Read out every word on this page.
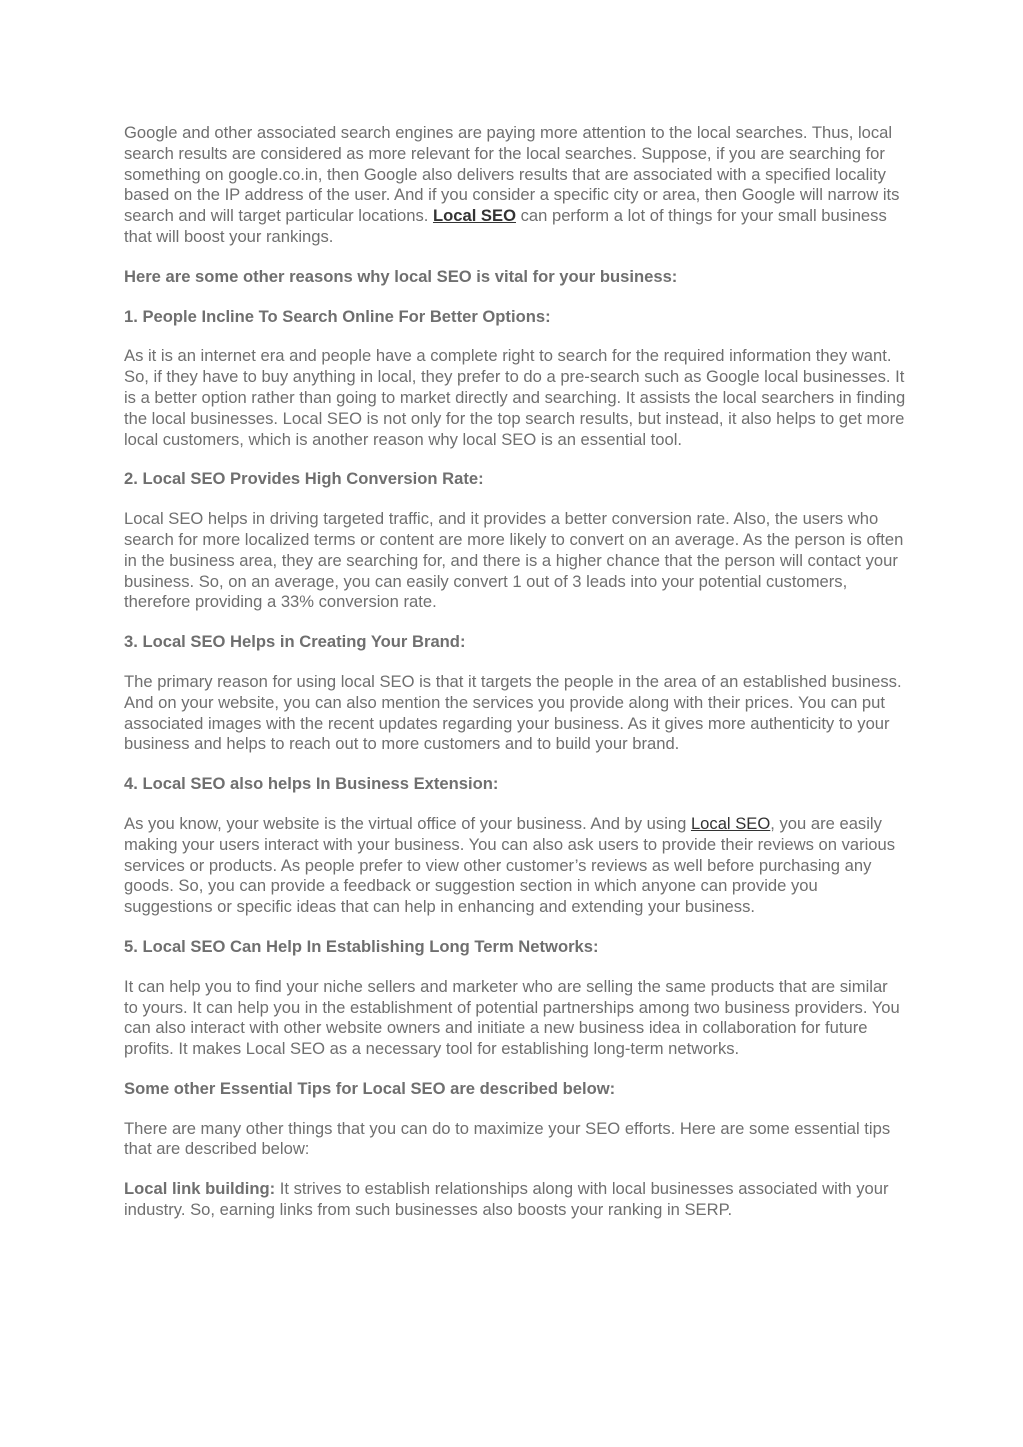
Google and other associated search engines are paying more attention to the local searches. Thus, local search results are considered as more relevant for the local searches. Suppose, if you are searching for something on google.co.in, then Google also delivers results that are associated with a specified locality based on the IP address of the user. And if you consider a specific city or area, then Google will narrow its search and will target particular locations. Local SEO can perform a lot of things for your small business that will boost your rankings.

Here are some other reasons why local SEO is vital for your business:

1. People Incline To Search Online For Better Options:

As it is an internet era and people have a complete right to search for the required information they want. So, if they have to buy anything in local, they prefer to do a pre-search such as Google local businesses. It is a better option rather than going to market directly and searching. It assists the local searchers in finding the local businesses. Local SEO is not only for the top search results, but instead, it also helps to get more local customers, which is another reason why local SEO is an essential tool.

2. Local SEO Provides High Conversion Rate:

Local SEO helps in driving targeted traffic, and it provides a better conversion rate. Also, the users who search for more localized terms or content are more likely to convert on an average. As the person is often in the business area, they are searching for, and there is a higher chance that the person will contact your business. So, on an average, you can easily convert 1 out of 3 leads into your potential customers, therefore providing a 33% conversion rate.

3. Local SEO Helps in Creating Your Brand:

The primary reason for using local SEO is that it targets the people in the area of an established business. And on your website, you can also mention the services you provide along with their prices. You can put associated images with the recent updates regarding your business. As it gives more authenticity to your business and helps to reach out to more customers and to build your brand.

4. Local SEO also helps In Business Extension:

As you know, your website is the virtual office of your business. And by using Local SEO, you are easily making your users interact with your business. You can also ask users to provide their reviews on various services or products. As people prefer to view other customer’s reviews as well before purchasing any goods. So, you can provide a feedback or suggestion section in which anyone can provide you suggestions or specific ideas that can help in enhancing and extending your business.

5. Local SEO Can Help In Establishing Long Term Networks:

It can help you to find your niche sellers and marketer who are selling the same products that are similar to yours. It can help you in the establishment of potential partnerships among two business providers. You can also interact with other website owners and initiate a new business idea in collaboration for future profits. It makes Local SEO as a necessary tool for establishing long-term networks.

Some other Essential Tips for Local SEO are described below:

There are many other things that you can do to maximize your SEO efforts. Here are some essential tips that are described below:

Local link building: It strives to establish relationships along with local businesses associated with your industry. So, earning links from such businesses also boosts your ranking in SERP.
